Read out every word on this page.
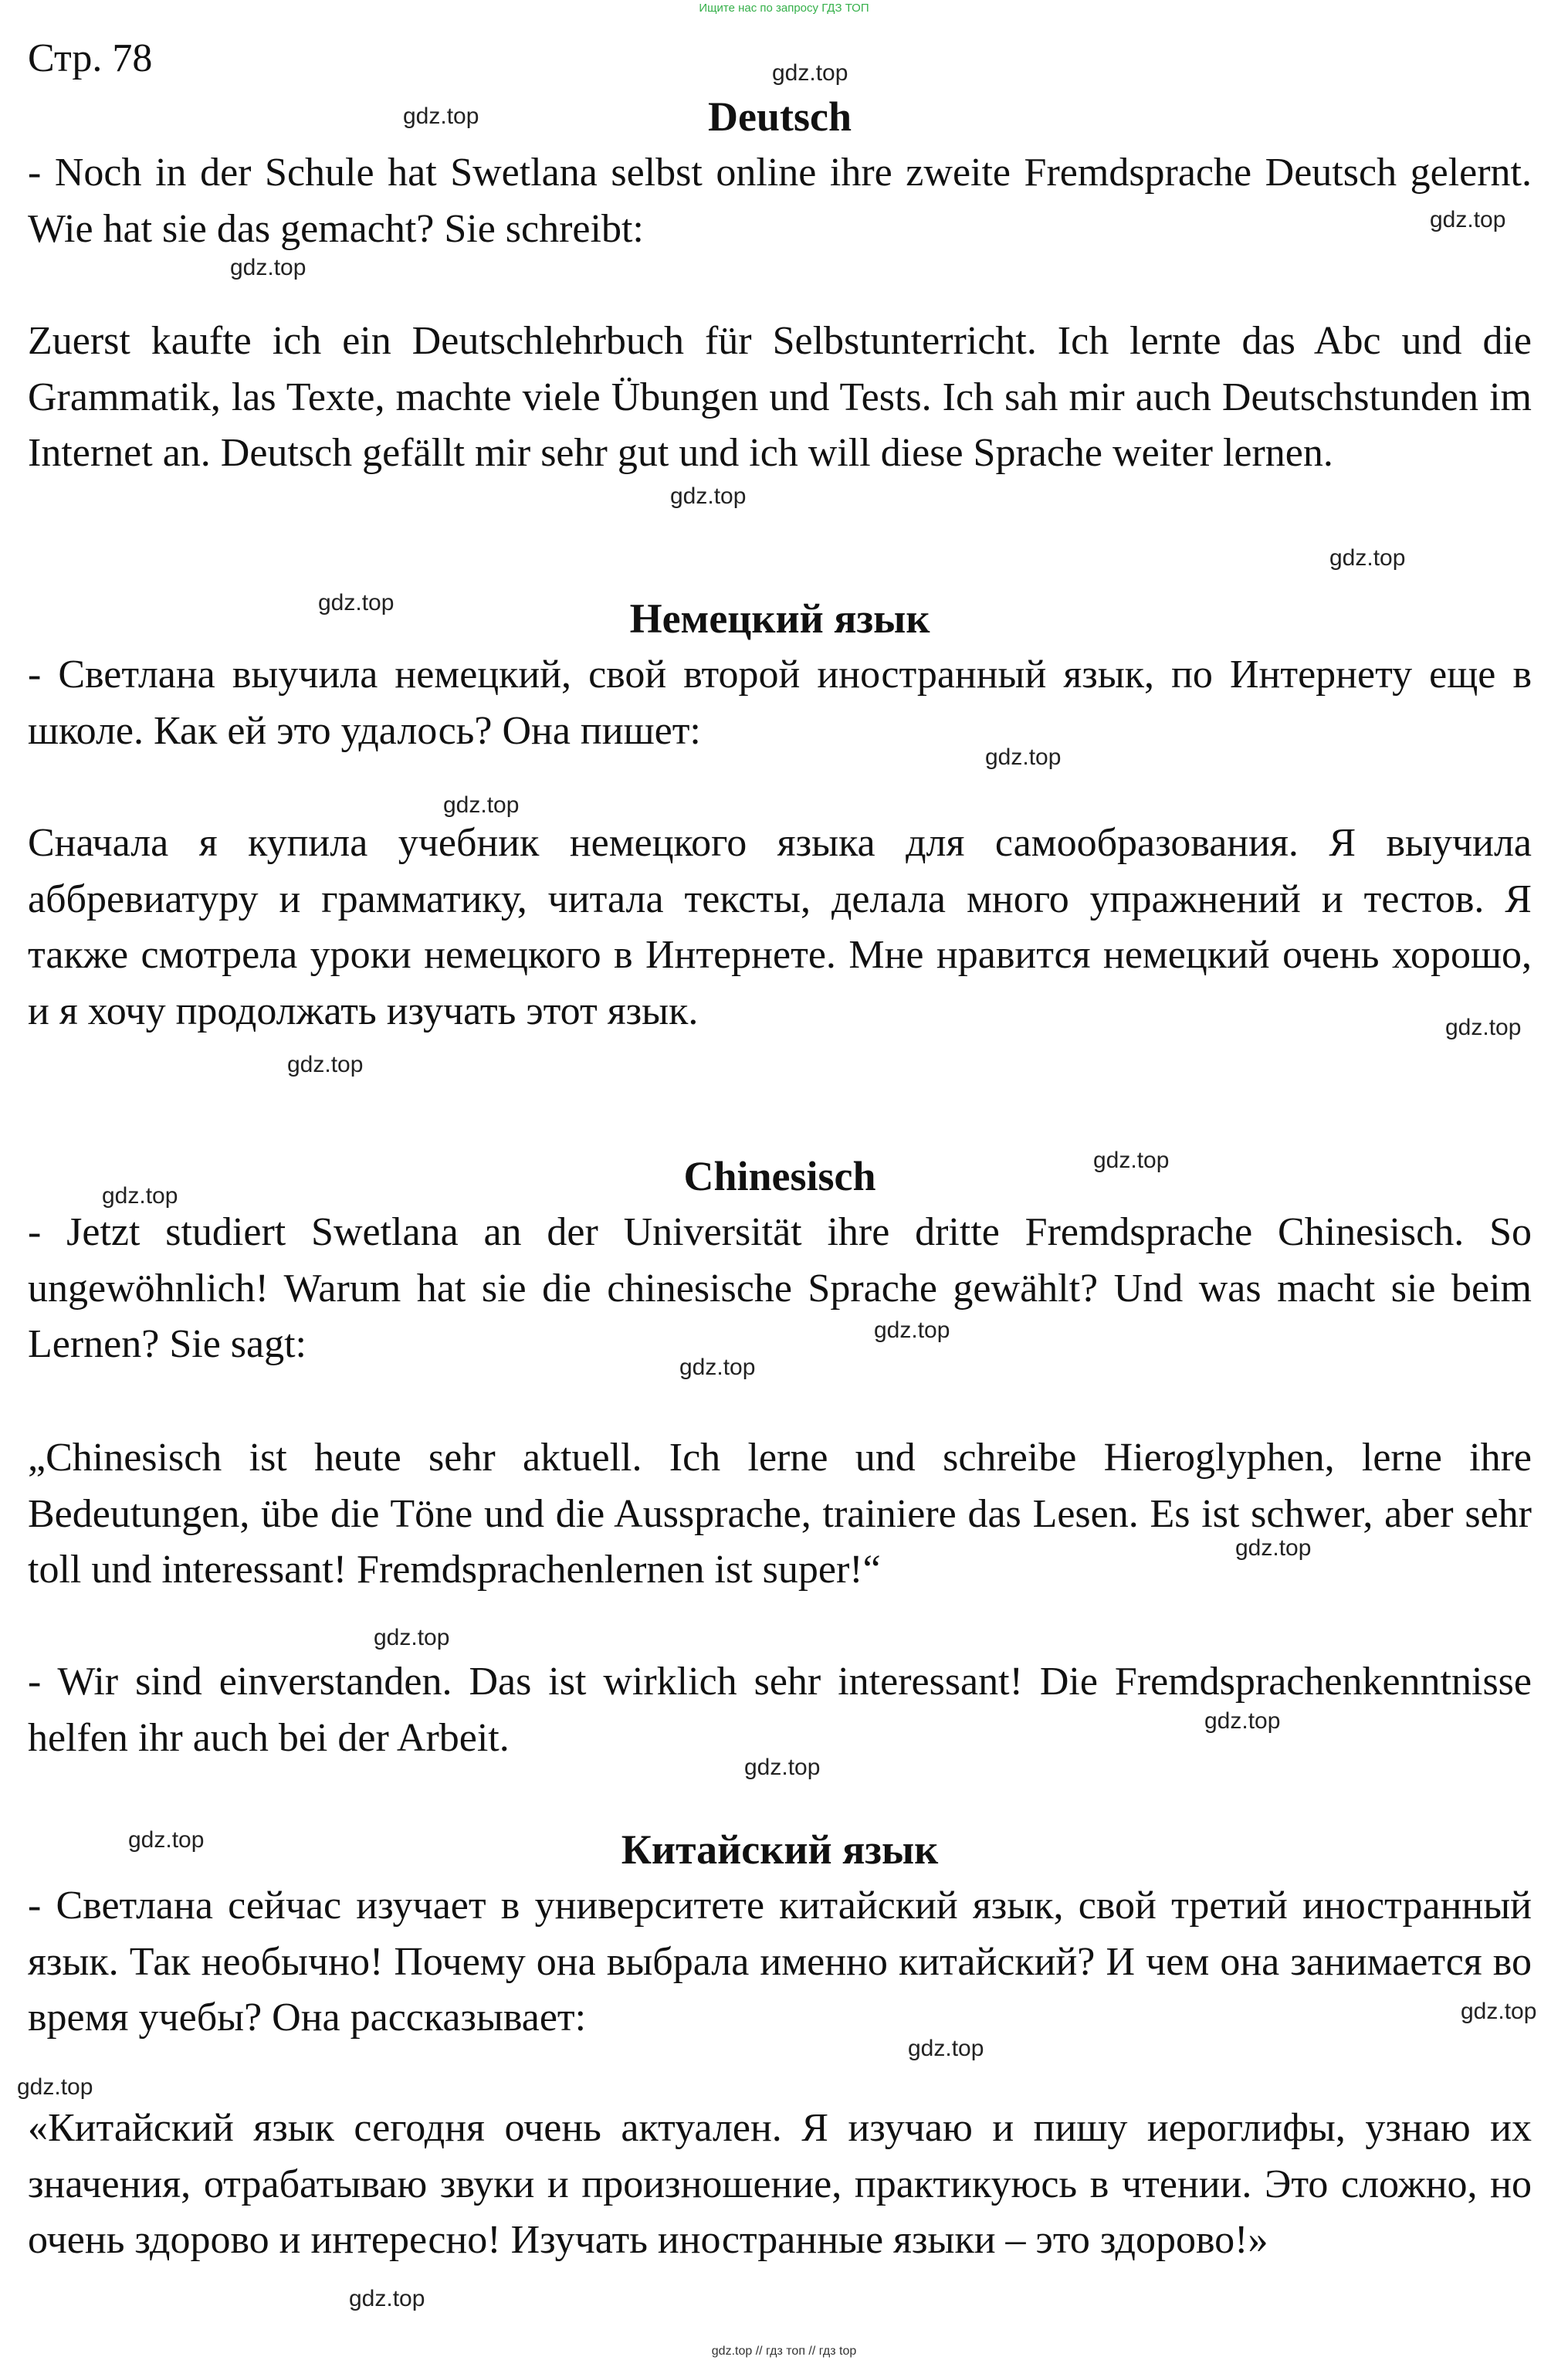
Ищите нас по запросу ГДЗ ТОП
Стр. 78
Deutsch

- Noch in der Schule hat Swetlana selbst online ihre zweite Fremdsprache Deutsch gelernt. Wie hat sie das gemacht? Sie schreibt:

Zuerst kaufte ich ein Deutschlehrbuch für Selbstunterricht. Ich lernte das Abc und die Grammatik, las Texte, machte viele Übungen und Tests. Ich sah mir auch Deutschstunden im Internet an. Deutsch gefällt mir sehr gut und ich will diese Sprache weiter lernen.

Немецкий язык

- Светлана выучила немецкий, свой второй иностранный язык, по Интернету еще в школе. Как ей это удалось? Она пишет:

Сначала я купила учебник немецкого языка для самообразования. Я выучила аббревиатуру и грамматику, читала тексты, делала много упражнений и тестов. Я также смотрела уроки немецкого в Интернете. Мне нравится немецкий очень хорошо, и я хочу продолжать изучать этот язык.

Chinesisch

- Jetzt studiert Swetlana an der Universität ihre dritte Fremdsprache Chinesisch. So ungewöhnlich! Warum hat sie die chinesische Sprache gewählt? Und was macht sie beim Lernen? Sie sagt:

„Chinesisch ist heute sehr aktuell. Ich lerne und schreibe Hieroglyphen, lerne ihre Bedeutungen, übe die Töne und die Aussprache, trainiere das Lesen. Es ist schwer, aber sehr toll und interessant! Fremdsprachenlernen ist super!“

- Wir sind einverstanden. Das ist wirklich sehr interessant! Die Fremdsprachenkenntnisse helfen ihr auch bei der Arbeit.

Китайский язык

- Светлана сейчас изучает в университете китайский язык, свой третий иностранный язык. Так необычно! Почему она выбрала именно китайский? И чем она занимается во время учебы? Она рассказывает:

«Китайский язык сегодня очень актуален. Я изучаю и пишу иероглифы, узнаю их значения, отрабатываю звуки и произношение, практикуюсь в чтении. Это сложно, но очень здорово и интересно! Изучать иностранные языки – это здорово!»

gdz.top
gdz.top
gdz.top
gdz.top
gdz.top
gdz.top
gdz.top
gdz.top
gdz.top
gdz.top
gdz.top
gdz.top
gdz.top
gdz.top
gdz.top
gdz.top
gdz.top
gdz.top
gdz.top
gdz.top
gdz.top
gdz.top
gdz.top
gdz.top
gdz.top // гдз топ // гдз top
